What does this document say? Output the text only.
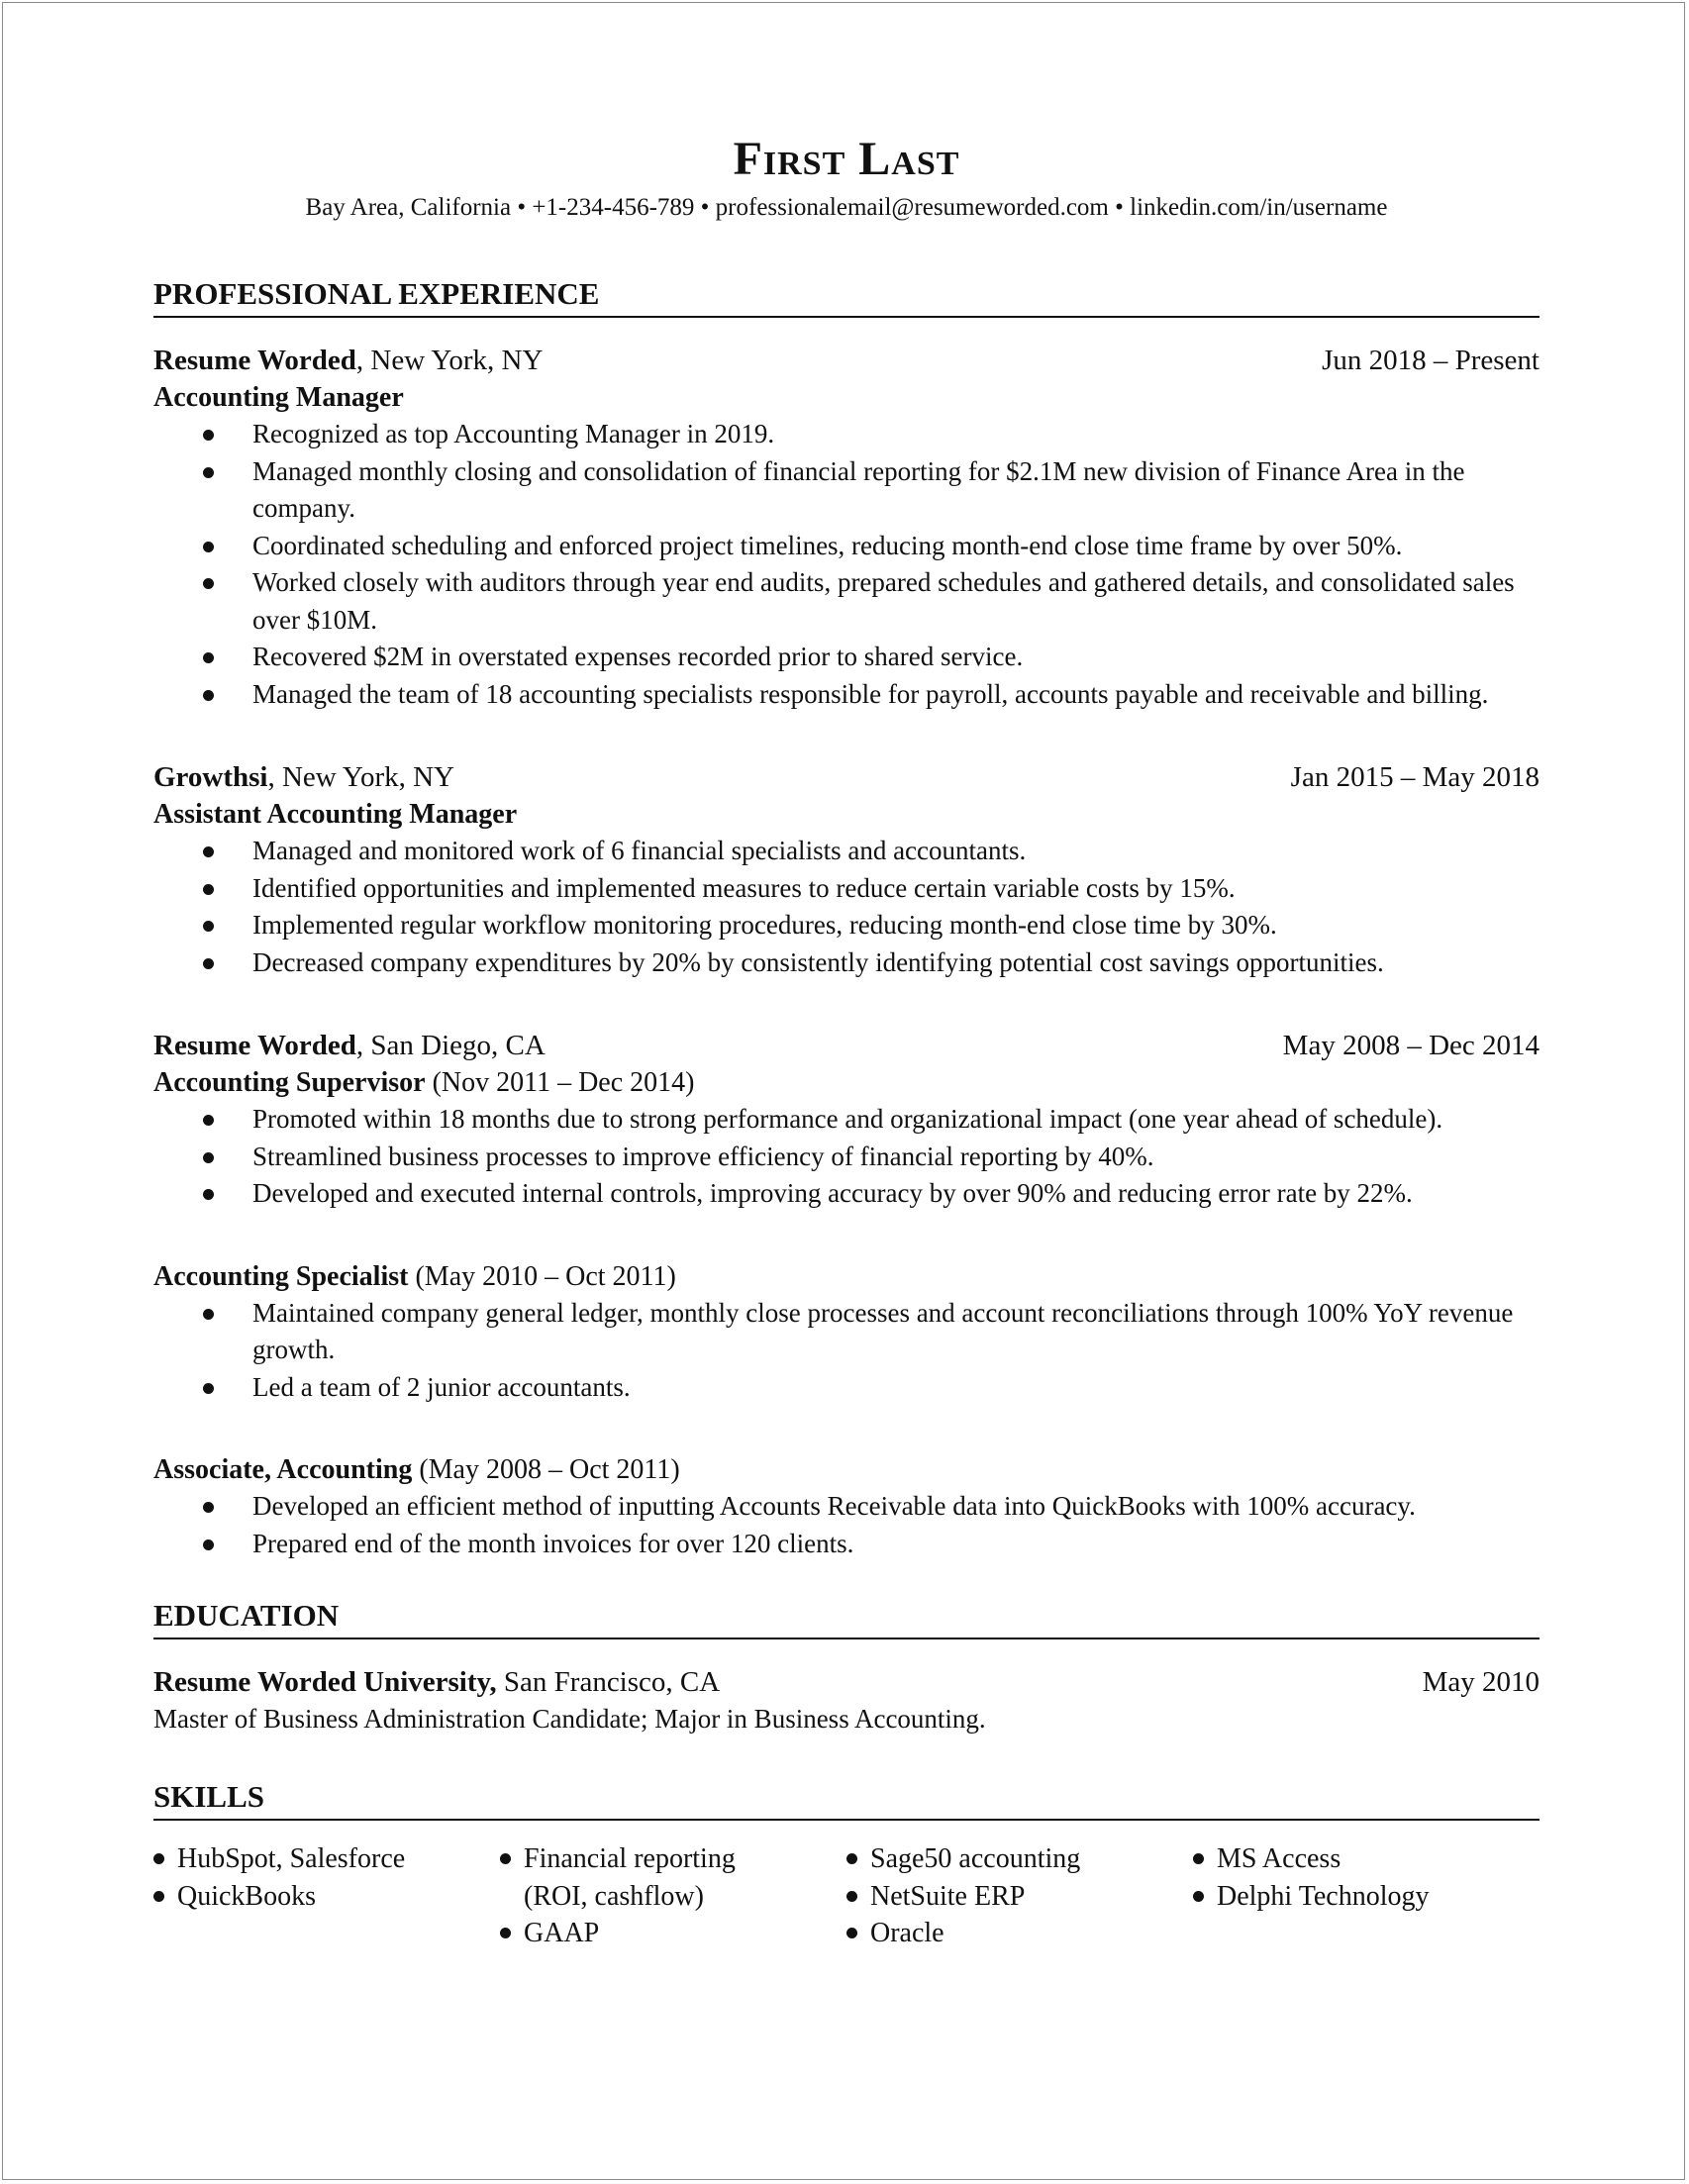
First Last
Bay Area, California • +1-234-456-789 • professionalemail@resumeworded.com • linkedin.com/in/username
PROFESSIONAL EXPERIENCE
Resume Worded, New York, NY	Jun 2018 – Present
Accounting Manager
Recognized as top Accounting Manager in 2019.
Managed monthly closing and consolidation of financial reporting for $2.1M new division of Finance Area in the company.
Coordinated scheduling and enforced project timelines, reducing month-end close time frame by over 50%.
Worked closely with auditors through year end audits, prepared schedules and gathered details, and consolidated sales over $10M.
Recovered $2M in overstated expenses recorded prior to shared service.
Managed the team of 18 accounting specialists responsible for payroll, accounts payable and receivable and billing.
Growthsi, New York, NY	Jan 2015 – May 2018
Assistant Accounting Manager
Managed and monitored work of 6 financial specialists and accountants.
Identified opportunities and implemented measures to reduce certain variable costs by 15%.
Implemented regular workflow monitoring procedures, reducing month-end close time by 30%.
Decreased company expenditures by 20% by consistently identifying potential cost savings opportunities.
Resume Worded, San Diego, CA	May 2008 – Dec 2014
Accounting Supervisor (Nov 2011 – Dec 2014)
Promoted within 18 months due to strong performance and organizational impact (one year ahead of schedule).
Streamlined business processes to improve efficiency of financial reporting by 40%.
Developed and executed internal controls, improving accuracy by over 90% and reducing error rate by 22%.
Accounting Specialist (May 2010 – Oct 2011)
Maintained company general ledger, monthly close processes and account reconciliations through 100% YoY revenue growth.
Led a team of 2 junior accountants.
Associate, Accounting (May 2008 – Oct 2011)
Developed an efficient method of inputting Accounts Receivable data into QuickBooks with 100% accuracy.
Prepared end of the month invoices for over 120 clients.
EDUCATION
Resume Worded University, San Francisco, CA	May 2010
Master of Business Administration Candidate; Major in Business Accounting.
SKILLS
HubSpot, Salesforce
QuickBooks
Financial reporting (ROI, cashflow)
GAAP
Sage50 accounting
NetSuite ERP
Oracle
MS Access
Delphi Technology
